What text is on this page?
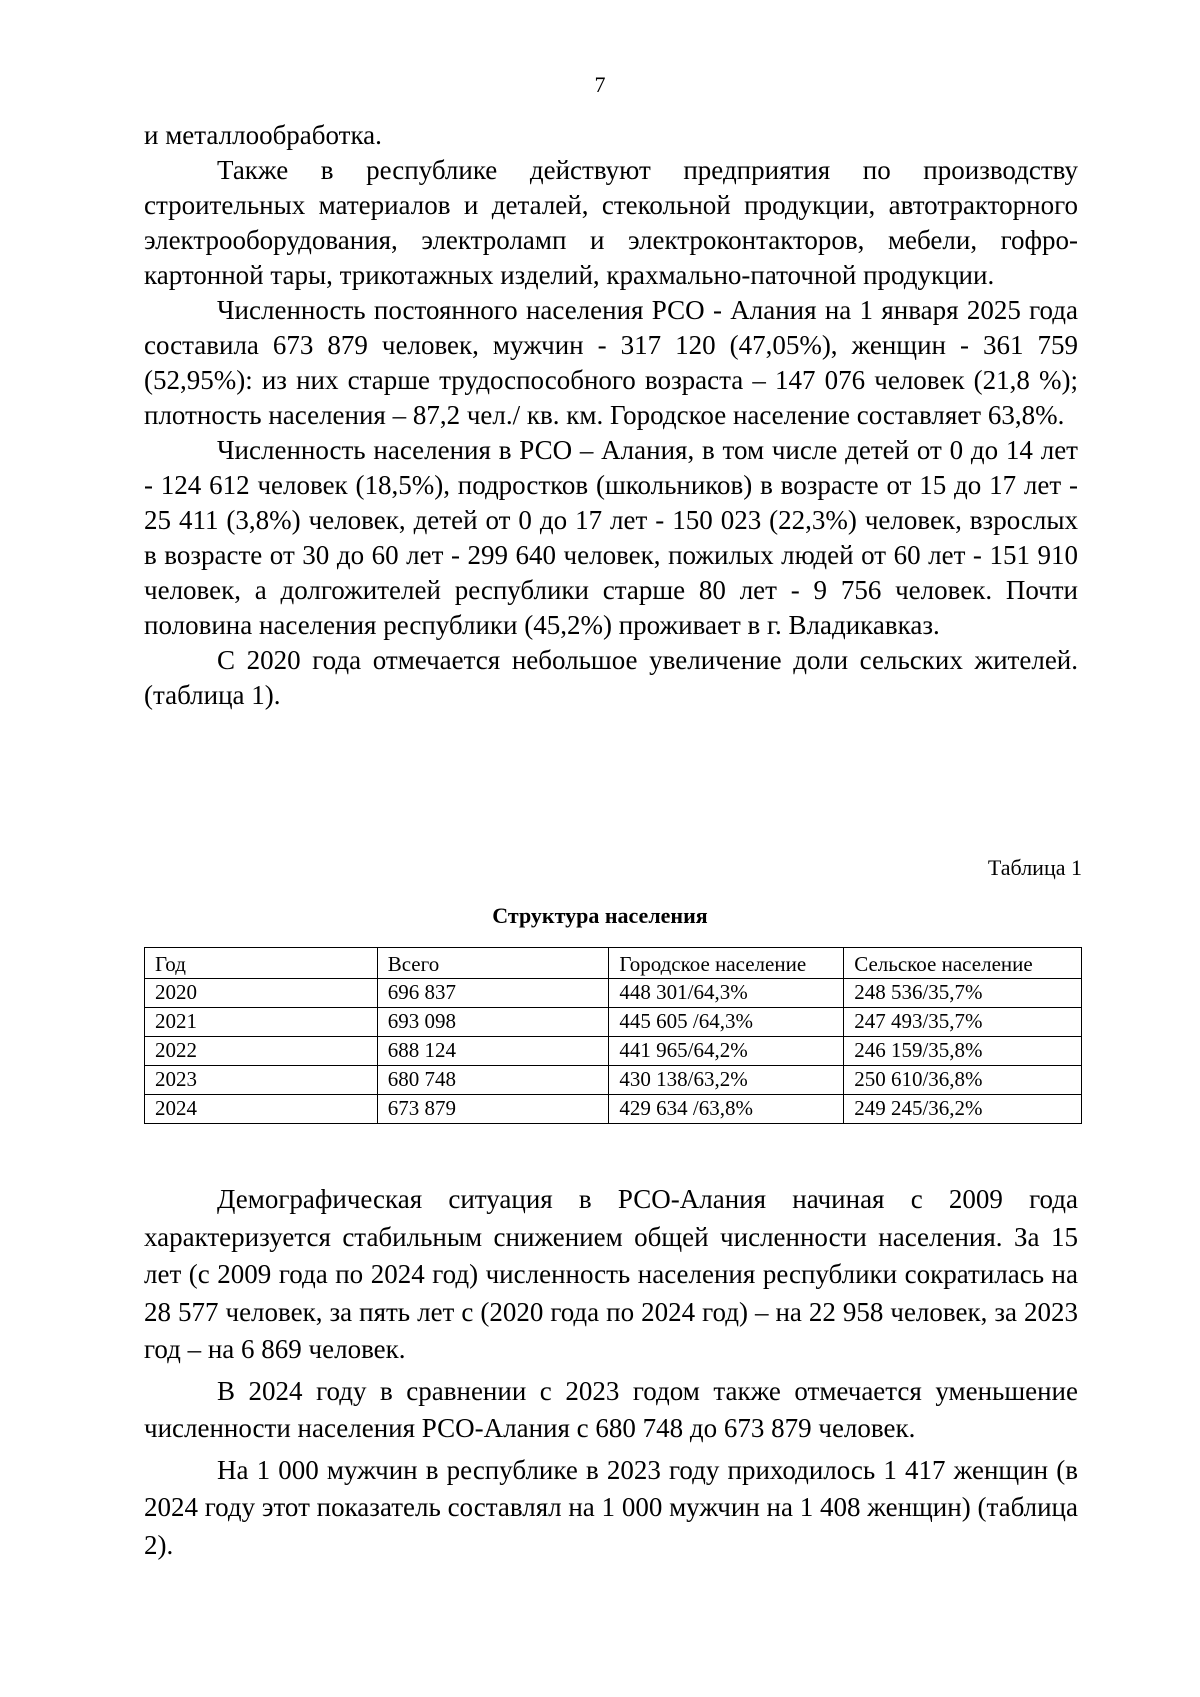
7

и металлообработка.

Также в республике действуют предприятия по производству строительных материалов и деталей, стекольной продукции, автотракторного электрооборудования, электроламп и электроконтакторов, мебели, гофро-картонной тары, трикотажных изделий, крахмально-паточной продукции.

Численность постоянного населения РСО - Алания на 1 января 2025 года составила 673 879 человек, мужчин - 317 120 (47,05%), женщин - 361 759 (52,95%): из них старше трудоспособного возраста – 147 076 человек (21,8 %); плотность населения – 87,2 чел./ кв. км. Городское население составляет 63,8%.

Численность населения в РСО – Алания, в том числе детей от 0 до 14 лет - 124 612 человек (18,5%), подростков (школьников) в возрасте от 15 до 17 лет - 25 411 (3,8%) человек, детей от 0 до 17 лет - 150 023 (22,3%) человек, взрослых в возрасте от 30 до 60 лет - 299 640 человек, пожилых людей от 60 лет - 151 910 человек, а долгожителей республики старше 80 лет - 9 756 человек. Почти половина населения республики (45,2%) проживает в г. Владикавказ.

С 2020 года отмечается небольшое увеличение доли сельских жителей. (таблица 1).

Таблица 1
Структура населения
Год	Всего	Городское население	Сельское население
2020	696 837	448 301/64,3%	248 536/35,7%
2021	693 098	445 605 /64,3%	247 493/35,7%
2022	688 124	441 965/64,2%	246 159/35,8%
2023	680 748	430 138/63,2%	250 610/36,8%
2024	673 879	429 634 /63,8%	249 245/36,2%

Демографическая ситуация в РСО-Алания начиная с 2009 года характеризуется стабильным снижением общей численности населения. За 15 лет (с 2009 года по 2024 год) численность населения республики сократилась на 28 577 человек, за пять лет с (2020 года по 2024 год) – на 22 958 человек, за 2023 год – на 6 869 человек.

В 2024 году в сравнении с 2023 годом также отмечается уменьшение численности населения РСО-Алания с 680 748 до 673 879 человек.

На 1 000 мужчин в республике в 2023 году приходилось 1 417 женщин (в 2024 году этот показатель составлял на 1 000 мужчин на 1 408 женщин) (таблица 2).
